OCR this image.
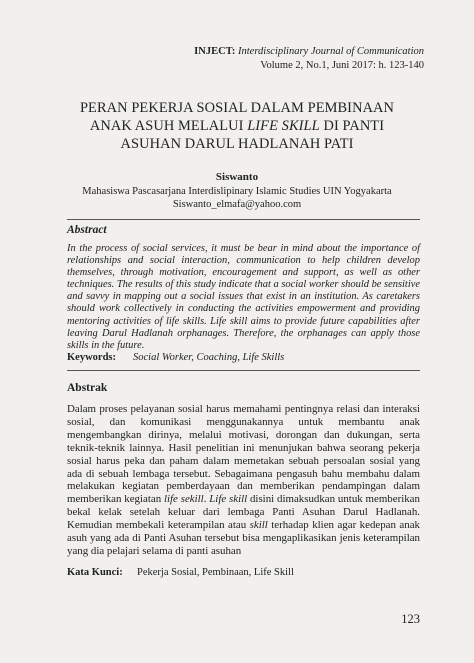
INJECT: Interdisciplinary Journal of Communication
Volume 2, No.1, Juni 2017: h. 123-140
PERAN PEKERJA SOSIAL DALAM PEMBINAAN
ANAK ASUH MELALUI LIFE SKILL DI PANTI
ASUHAN DARUL HADLANAH PATI
Siswanto
Mahasiswa Pascasarjana Interdislipinary Islamic Studies UIN Yogyakarta
Siswanto_elmafa@yahoo.com
Abstract
In the process of social services, it must be bear in mind about the importance of relationships and social interaction, communication to help children develop themselves, through motivation, encouragement and support, as well as other techniques. The results of this study indicate that a social worker should be sensitive and savvy in mapping out a social issues that exist in an institution. As caretakers should work collectively in conducting the activities empowerment and providing mentoring activities of life skills. Life skill aims to provide future capabilities after leaving Darul Hadlanah orphanages. Therefore, the orphanages can apply those skills in the future.
Keywords: Social Worker, Coaching, Life Skills
Abstrak
Dalam proses pelayanan sosial harus memahami pentingnya relasi dan interaksi sosial, dan komunikasi menggunakannya untuk membantu anak mengembangkan dirinya, melalui motivasi, dorongan dan dukungan, serta teknik-teknik lainnya. Hasil penelitian ini menunjukan bahwa seorang pekerja sosial harus peka dan paham dalam memetakan sebuah persoalan sosial yang ada di sebuah lembaga tersebut. Sebagaimana pengasuh bahu membahu dalam melakukan kegiatan pemberdayaan dan memberikan pendampingan dalam memberikan kegiatan life sekill. Life skill disini dimaksudkan untuk memberikan bekal kelak setelah keluar dari lembaga Panti Asuhan Darul Hadlanah. Kemudian membekali keterampilan atau skill terhadap klien agar kedepan anak asuh yang ada di Panti Asuhan tersebut bisa mengaplikasikan jenis keterampilan yang dia pelajari selama di panti asuhan
Kata Kunci: Pekerja Sosial, Pembinaan, Life Skill
123
